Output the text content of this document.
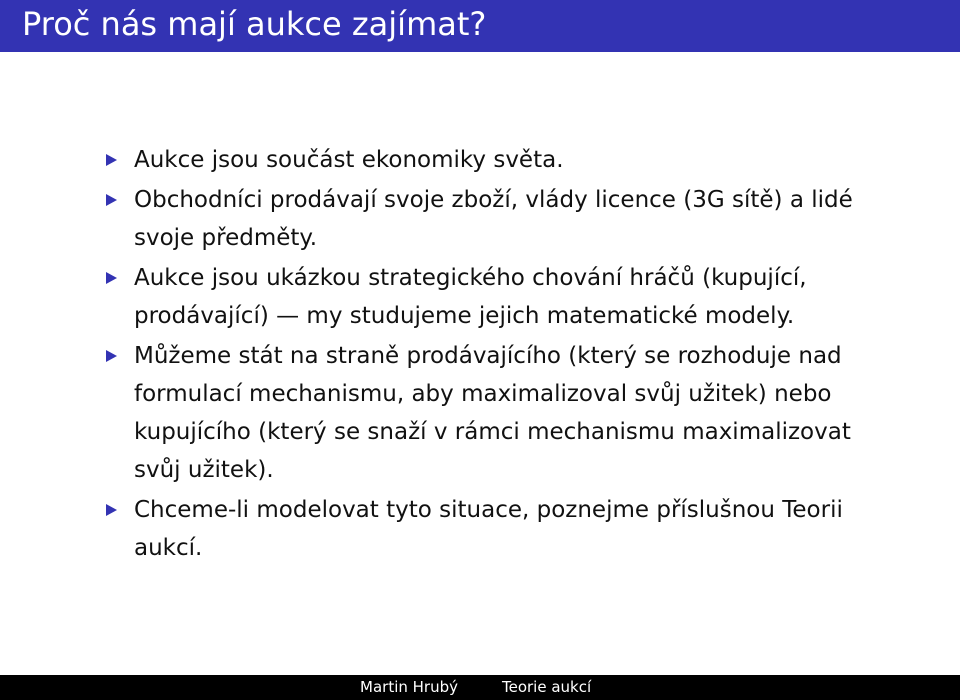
Proč nás mají aukce zajímat?
Aukce jsou součást ekonomiky světa.
Obchodníci prodávají svoje zboží, vlády licence (3G sítě) a lidé svoje předměty.
Aukce jsou ukázkou strategického chování hráčů (kupující, prodávající) — my studujeme jejich matematické modely.
Můžeme stát na straně prodávajícího (který se rozhoduje nad formulací mechanismu, aby maximalizoval svůj užitek) nebo kupujícího (který se snaží v rámci mechanismu maximalizovat svůj užitek).
Chceme-li modelovat tyto situace, poznejme příslušnou Teorii aukcí.
Martin Hrubý	Teorie aukcí
